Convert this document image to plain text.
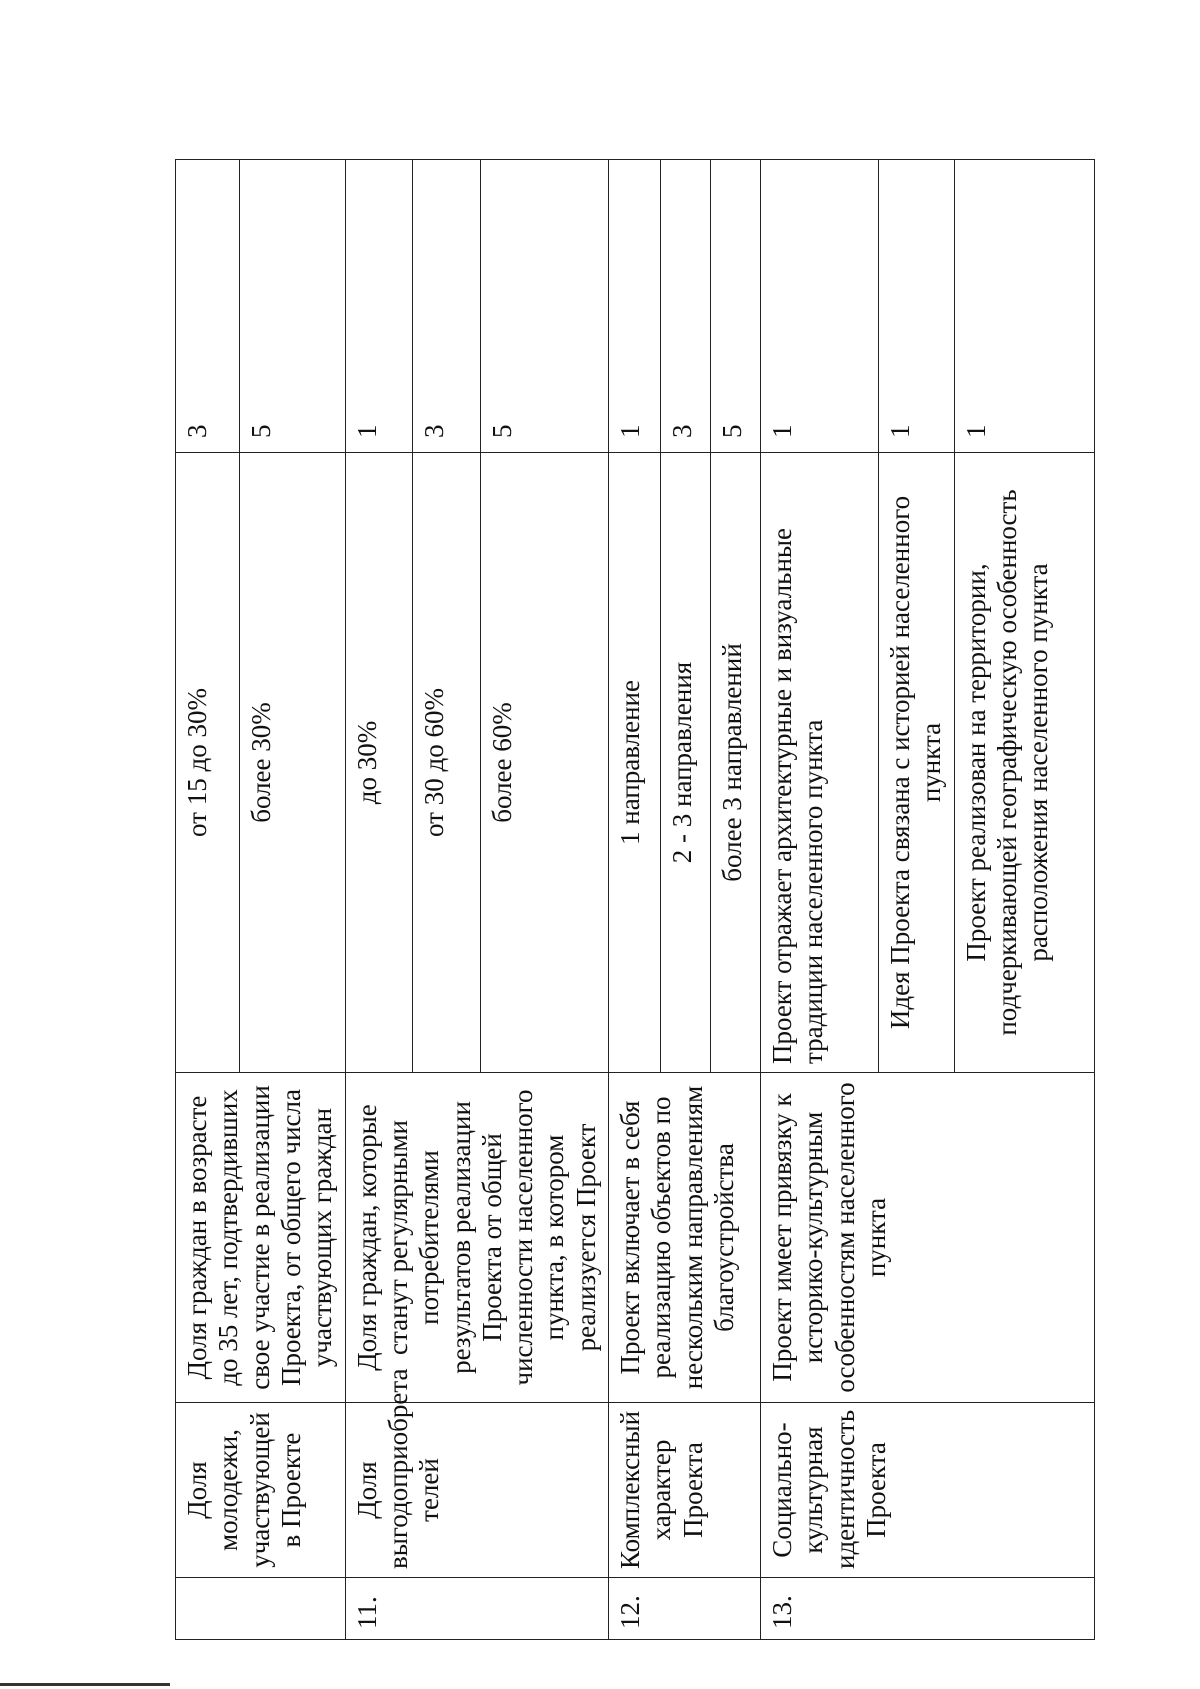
	Доля молодежи, участвующей в Проекте	Доля граждан в возрасте до 35 лет, подтвердивших свое участие в реализации Проекта, от общего числа участвующих граждан	от 15 до 30%	3
			более 30%	5
11.	Доля выгодоприобрета телей	Доля граждан, которые станут регулярными потребителями результатов реализации Проекта от общей численности населенного пункта, в котором реализуется Проект	до 30%	1
			от 30 до 60%	3
			более 60%	5
12.	Комплексный характер Проекта	Проект включает в себя реализацию объектов по нескольким направлениям благоустройства	1 направление	1
			2 - 3 направления	3
			более 3 направлений	5
13.	Социально-культурная идентичность Проекта	Проект имеет привязку к историко-культурным особенностям населенного пункта	Проект отражает архитектурные и визуальные традиции населенного пункта	1
			Идея Проекта связана с историей населенного пункта	1
			Проект реализован на территории, подчеркивающей географическую особенность расположения населенного пункта	1
